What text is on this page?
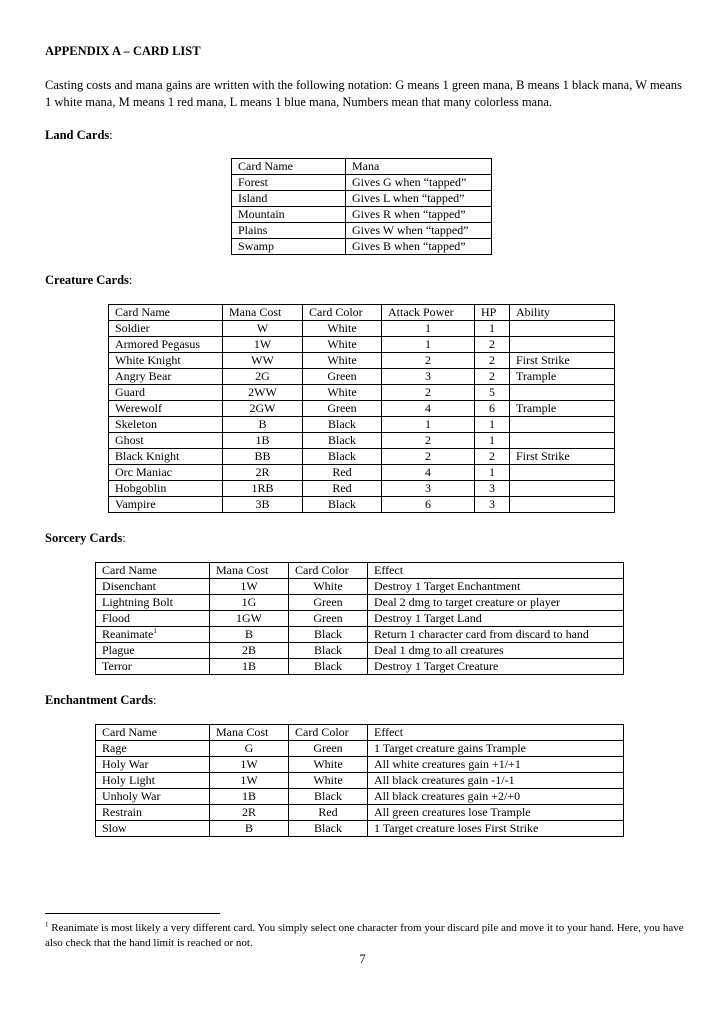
APPENDIX A – CARD LIST
Casting costs and mana gains are written with the following notation: G means 1 green mana, B means 1 black mana, W means 1 white mana, M means 1 red mana, L means 1 blue mana, Numbers mean that many colorless mana.
Land Cards:
Card Name	Mana
Forest	Gives G when “tapped”
Island	Gives L when “tapped”
Mountain	Gives R when “tapped”
Plains	Gives W when “tapped”
Swamp	Gives B when “tapped”
Creature Cards:
Card Name	Mana Cost	Card Color	Attack Power	HP	Ability
Soldier	W	White	1	1	
Armored Pegasus	1W	White	1	2	
White Knight	WW	White	2	2	First Strike
Angry Bear	2G	Green	3	2	Trample
Guard	2WW	White	2	5	
Werewolf	2GW	Green	4	6	Trample
Skeleton	B	Black	1	1	
Ghost	1B	Black	2	1	
Black Knight	BB	Black	2	2	First Strike
Orc Maniac	2R	Red	4	1	
Hobgoblin	1RB	Red	3	3	
Vampire	3B	Black	6	3	
Sorcery Cards:
Card Name	Mana Cost	Card Color	Effect
Disenchant	1W	White	Destroy 1 Target Enchantment
Lightning Bolt	1G	Green	Deal 2 dmg to target creature or player
Flood	1GW	Green	Destroy 1 Target Land
Reanimate$^1$	B	Black	Return 1 character card from discard to hand
Plague	2B	Black	Deal 1 dmg to all creatures
Terror	1B	Black	Destroy 1 Target Creature
Enchantment Cards:
Card Name	Mana Cost	Card Color	Effect
Rage	G	Green	1 Target creature gains Trample
Holy War	1W	White	All white creatures gain +1/+1
Holy Light	1W	White	All black creatures gain -1/-1
Unholy War	1B	Black	All black creatures gain +2/+0
Restrain	2R	Red	All green creatures lose Trample
Slow	B	Black	1 Target creature loses First Strike
$^1$ Reanimate is most likely a very different card. You simply select one character from your discard pile and move it to your hand. Here, you have also check that the hand limit is reached or not.
7
